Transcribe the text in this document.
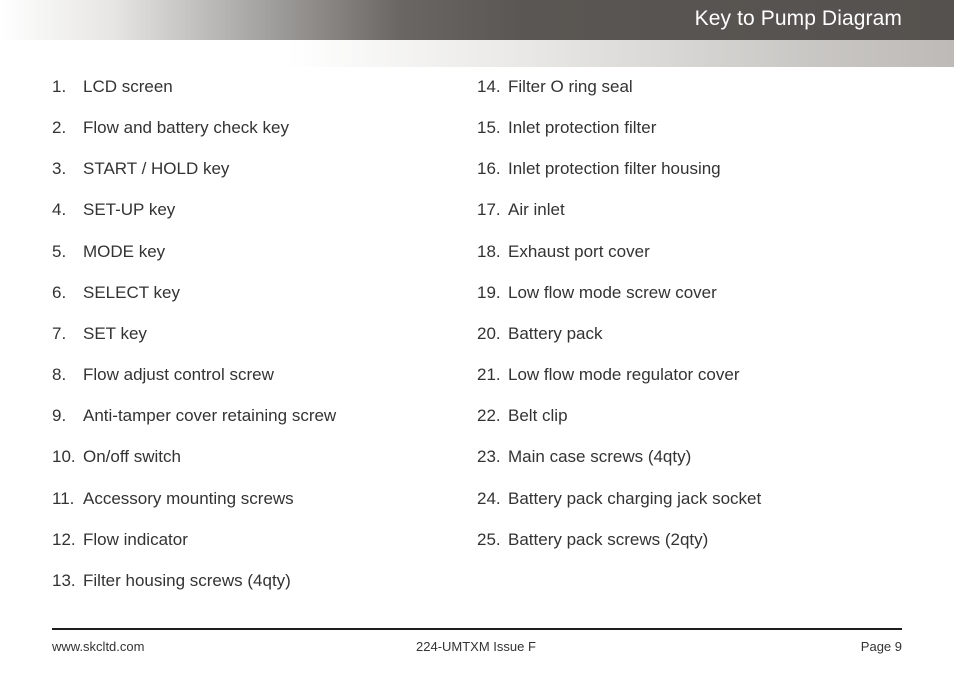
Key to Pump Diagram
1. LCD screen
2. Flow and battery check key
3. START / HOLD key
4. SET-UP key
5. MODE key
6. SELECT key
7. SET key
8. Flow adjust control screw
9. Anti-tamper cover retaining screw
10. On/off switch
11. Accessory mounting screws
12. Flow indicator
13. Filter housing screws (4qty)
14. Filter O ring seal
15. Inlet protection filter
16. Inlet protection filter housing
17. Air inlet
18. Exhaust port cover
19. Low flow mode screw cover
20. Battery pack
21. Low flow mode regulator cover
22. Belt clip
23. Main case screws (4qty)
24. Battery pack charging jack socket
25. Battery pack screws (2qty)
www.skcltd.com	224-UMTXM Issue F	Page 9
